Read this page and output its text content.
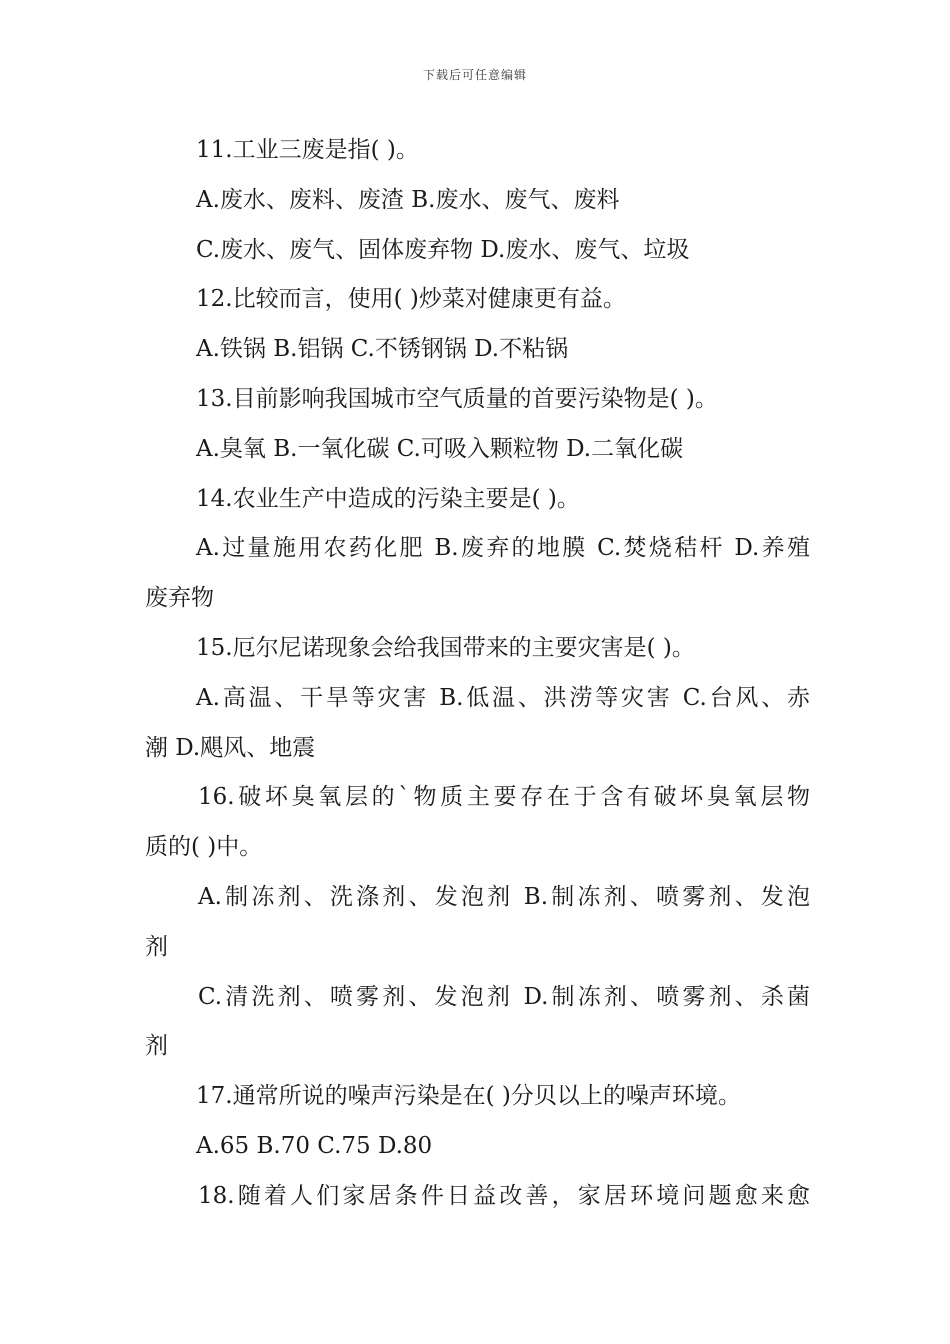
下载后可任意编辑
11.工业三废是指( )。
A.废水、废料、废渣 B.废水、废气、废料
C.废水、废气、固体废弃物 D.废水、废气、垃圾
12.比较而言，使用( )炒菜对健康更有益。
A.铁锅 B.铝锅 C.不锈钢锅 D.不粘锅
13.目前影响我国城市空气质量的首要污染物是( )。
A.臭氧 B.一氧化碳 C.可吸入颗粒物 D.二氧化碳
14.农业生产中造成的污染主要是( )。
A.过量施用农药化肥 B.废弃的地膜 C.焚烧秸杆 D.养殖
废弃物
15.厄尔尼诺现象会给我国带来的主要灾害是( )。
A.高温、干旱等灾害 B.低温、洪涝等灾害 C.台风、赤
潮 D.飓风、地震
16.破坏臭氧层的`物质主要存在于含有破坏臭氧层物
质的( )中。
A.制冻剂、洗涤剂、发泡剂 B.制冻剂、喷雾剂、发泡
剂
C.清洗剂、喷雾剂、发泡剂 D.制冻剂、喷雾剂、杀菌
剂
17.通常所说的噪声污染是在( )分贝以上的噪声环境。
A.65 B.70 C.75 D.80
18.随着人们家居条件日益改善，家居环境问题愈来愈
